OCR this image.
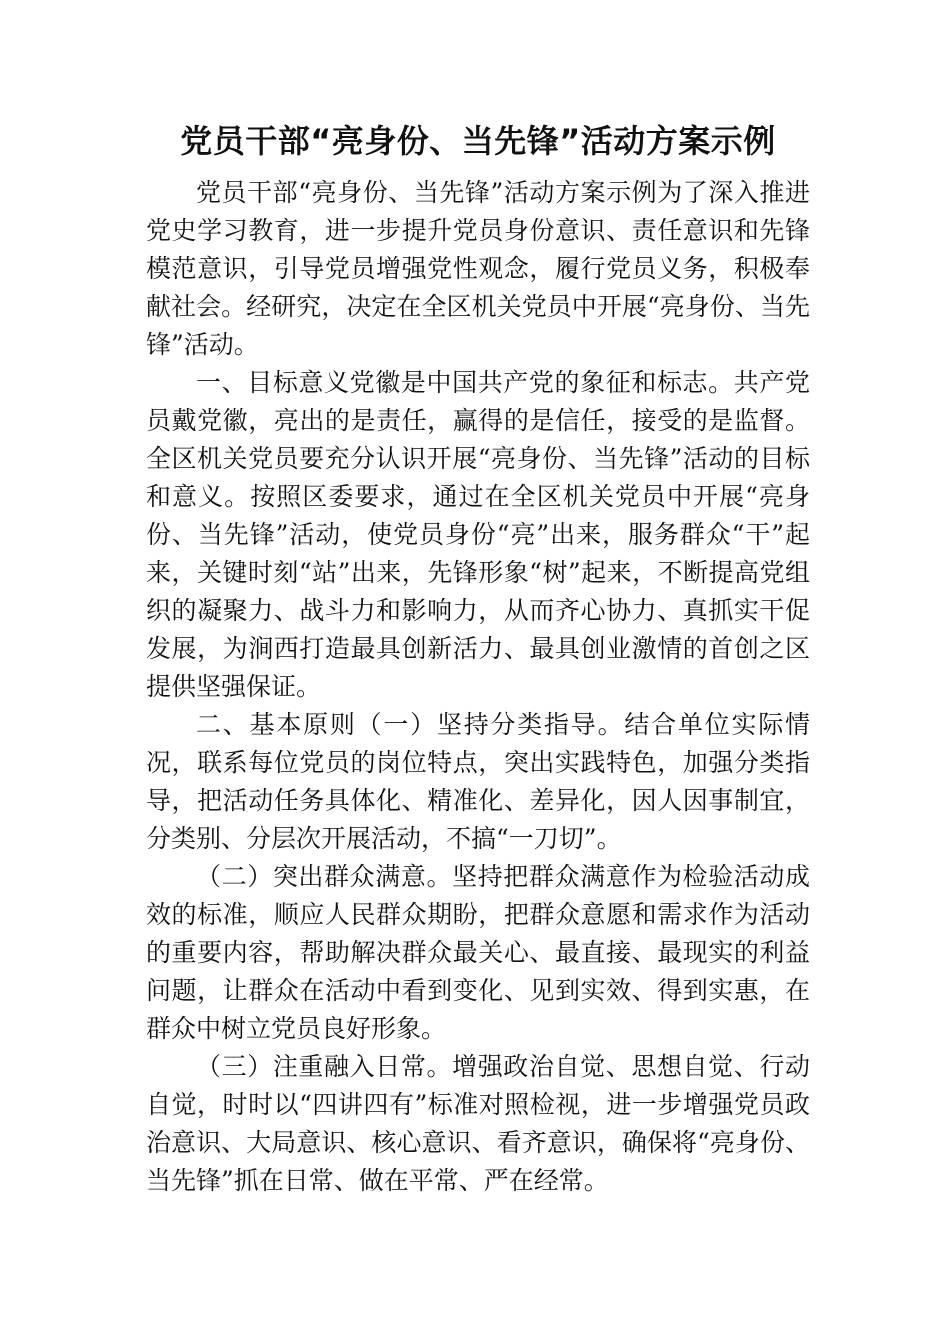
党员干部“亮身份、当先锋”活动方案示例

党员干部“亮身份、当先锋”活动方案示例为了深入推进党史学习教育，进一步提升党员身份意识、责任意识和先锋模范意识，引导党员增强党性观念，履行党员义务，积极奉献社会。经研究，决定在全区机关党员中开展“亮身份、当先锋”活动。

一、目标意义党徽是中国共产党的象征和标志。共产党员戴党徽，亮出的是责任，赢得的是信任，接受的是监督。全区机关党员要充分认识开展“亮身份、当先锋”活动的目标和意义。按照区委要求，通过在全区机关党员中开展“亮身份、当先锋”活动，使党员身份“亮”出来，服务群众“干”起来，关键时刻“站”出来，先锋形象“树”起来，不断提高党组织的凝聚力、战斗力和影响力，从而齐心协力、真抓实干促发展，为涧西打造最具创新活力、最具创业激情的首创之区提供坚强保证。

二、基本原则（一）坚持分类指导。结合单位实际情况，联系每位党员的岗位特点，突出实践特色，加强分类指导，把活动任务具体化、精准化、差异化，因人因事制宜，分类别、分层次开展活动，不搞“一刀切”。

（二）突出群众满意。坚持把群众满意作为检验活动成效的标准，顺应人民群众期盼，把群众意愿和需求作为活动的重要内容，帮助解决群众最关心、最直接、最现实的利益问题，让群众在活动中看到变化、见到实效、得到实惠，在群众中树立党员良好形象。

（三）注重融入日常。增强政治自觉、思想自觉、行动自觉，时时以“四讲四有”标准对照检视，进一步增强党员政治意识、大局意识、核心意识、看齐意识，确保将“亮身份、当先锋”抓在日常、做在平常、严在经常。
